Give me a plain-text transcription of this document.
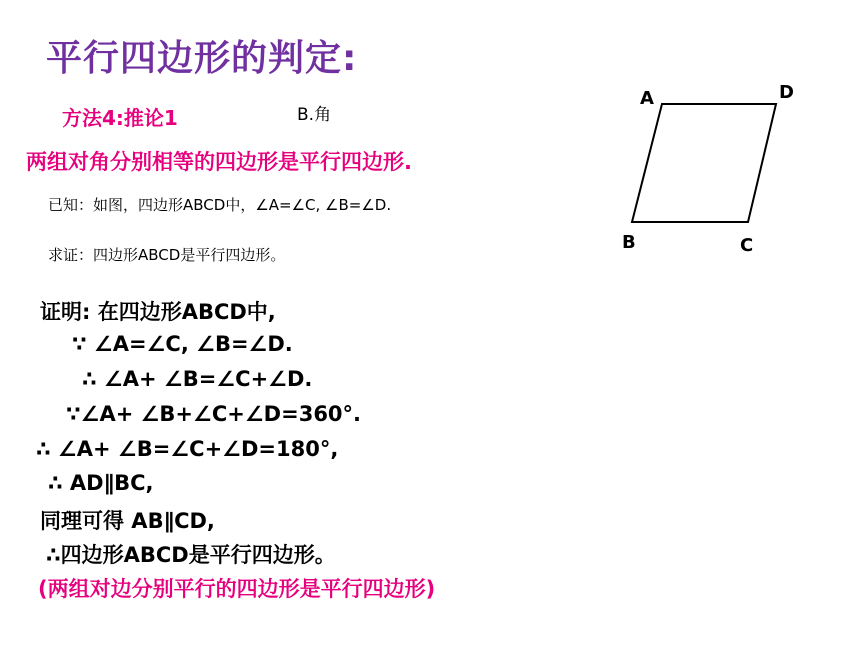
平行四边形的判定:
方法4:推论1	B.角
两组对角分别相等的四边形是平行四边形.
已知：如图，四边形ABCD中，∠A=∠C, ∠B=∠D.
求证：四边形ABCD是平行四边形。
证明: 在四边形ABCD中,
∵ ∠A=∠C, ∠B=∠D.
∴ ∠A+ ∠B=∠C+∠D.
∵∠A+ ∠B+∠C+∠D=360°.
∴ ∠A+ ∠B=∠C+∠D=180°,
∴ AD∥BC,
同理可得 AB∥CD,
∴四边形ABCD是平行四边形。
(两组对边分别平行的四边形是平行四边形)
A	D
B	C
